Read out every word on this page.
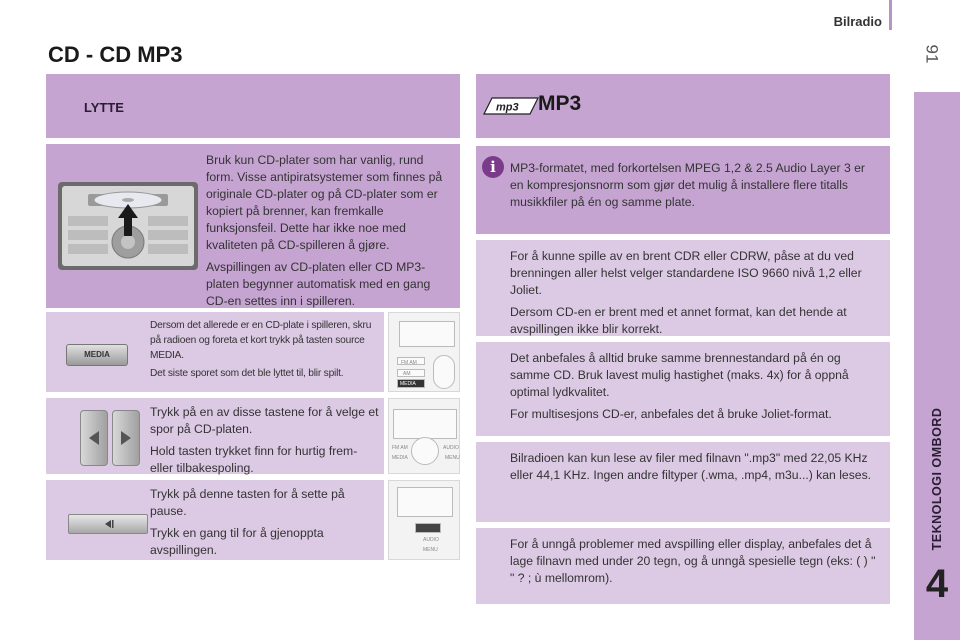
Bilradio
91
TEKNOLOGI OMBORD
4
CD - CD MP3
LYTTE	mp3 MP3

Bruk kun CD-plater som har vanlig, rund form. Visse antipiratsystemer som finnes på originale CD-plater og på CD-plater som er kopiert på brenner, kan fremkalle funksjonsfeil. Dette har ikke noe med kvaliteten på CD-spilleren å gjøre.

Avspillingen av CD-platen eller CD MP3-platen begynner automatisk med en gang CD-en settes inn i spilleren.

MEDIA

Dersom det allerede er en CD-plate i spilleren, skru på radioen og foreta et kort trykk på tasten source MEDIA.

Det siste sporet som det ble lyttet til, blir spilt.

FM AM
AM
MEDIA

Trykk på en av disse tastene for å velge et spor på CD-platen.

Hold tasten trykket finn for hurtig frem- eller tilbakespoling.

FM AM
MEDIA
AUDIO
MENU

Trykk på denne tasten for å sette på pause.

Trykk en gang til for å gjenoppta avspillingen.

AUDIO
MENU
i	MP3-formatet, med forkortelsen MPEG 1,2 & 2.5 Audio Layer 3 er en kompresjonsnorm som gjør det mulig å installere flere titalls musikkfiler på én og samme plate.

For å kunne spille av en brent CDR eller CDRW, påse at du ved brenningen aller helst velger standardene ISO 9660 nivå 1,2 eller Joliet.

Dersom CD-en er brent med et annet format, kan det hende at avspillingen ikke blir korrekt.

Det anbefales å alltid bruke samme brennestandard på én og samme CD. Bruk lavest mulig hastighet (maks. 4x) for å oppnå optimal lydkvalitet.

For multisesjons CD-er, anbefales det å bruke Joliet-format.

Bilradioen kan kun lese av filer med filnavn ".mp3" med 22,05 KHz eller 44,1 KHz. Ingen andre filtyper (.wma, .mp4, m3u...) kan leses.

For å unngå problemer med avspilling eller display, anbefales det å lage filnavn med under 20 tegn, og å unngå spesielle tegn (eks: ( ) " " ? ; ù mellomrom).
